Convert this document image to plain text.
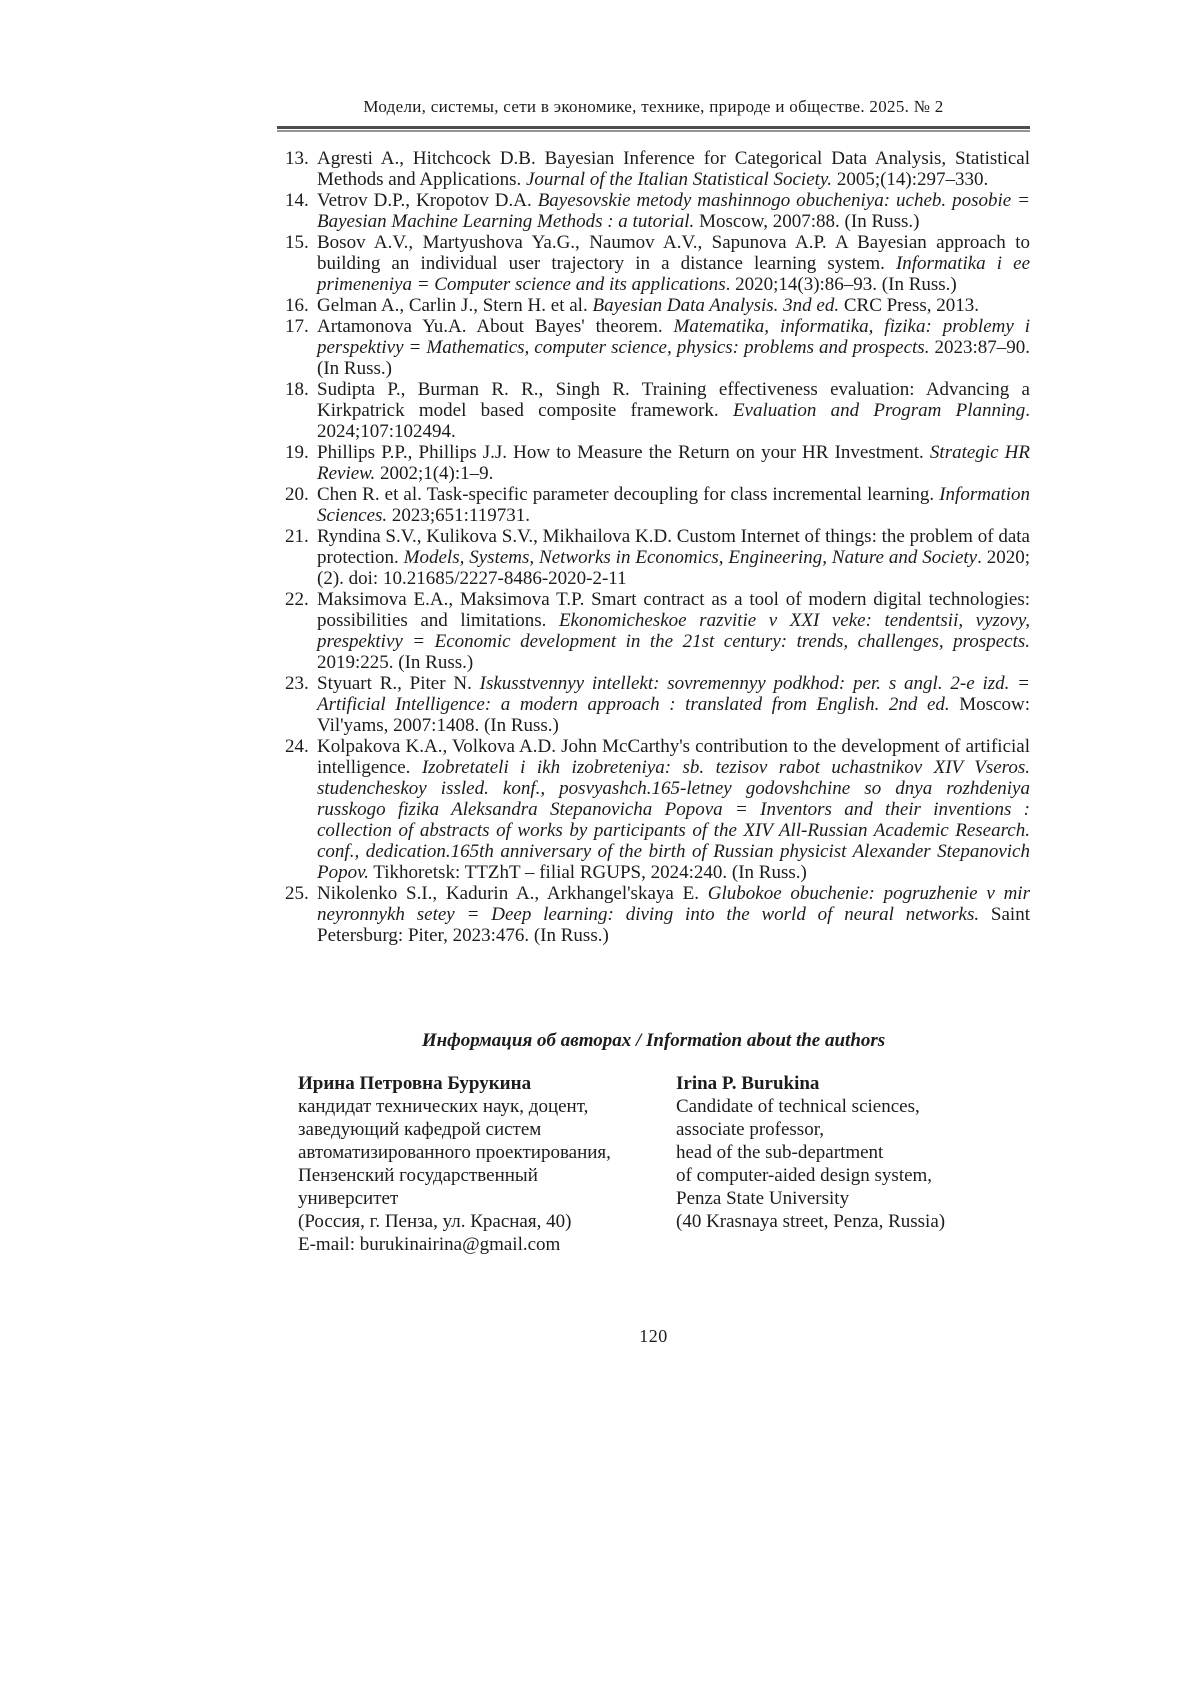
Модели, системы, сети в экономике, технике, природе и обществе. 2025. № 2
13. Agresti A., Hitchcock D.B. Bayesian Inference for Categorical Data Analysis, Statistical Methods and Applications. Journal of the Italian Statistical Society. 2005;(14):297–330.
14. Vetrov D.P., Kropotov D.A. Bayesovskie metody mashinnogo obucheniya: ucheb. posobie = Bayesian Machine Learning Methods : a tutorial. Moscow, 2007:88. (In Russ.)
15. Bosov A.V., Martyushova Ya.G., Naumov A.V., Sapunova A.P. A Bayesian approach to building an individual user trajectory in a distance learning system. Informatika i ee primeneniya = Computer science and its applications. 2020;14(3):86–93. (In Russ.)
16. Gelman A., Carlin J., Stern H. et al. Bayesian Data Analysis. 3nd ed. CRC Press, 2013.
17. Artamonova Yu.A. About Bayes' theorem. Matematika, informatika, fizika: problemy i perspektivy = Mathematics, computer science, physics: problems and prospects. 2023:87–90. (In Russ.)
18. Sudipta P., Burman R. R., Singh R. Training effectiveness evaluation: Advancing a Kirkpatrick model based composite framework. Evaluation and Program Planning. 2024;107:102494.
19. Phillips P.P., Phillips J.J. How to Measure the Return on your HR Investment. Strategic HR Review. 2002;1(4):1–9.
20. Chen R. et al. Task-specific parameter decoupling for class incremental learning. Information Sciences. 2023;651:119731.
21. Ryndina S.V., Kulikova S.V., Mikhailova K.D. Custom Internet of things: the problem of data protection. Models, Systems, Networks in Economics, Engineering, Nature and Society. 2020;(2). doi: 10.21685/2227-8486-2020-2-11
22. Maksimova E.A., Maksimova T.P. Smart contract as a tool of modern digital technologies: possibilities and limitations. Ekonomicheskoe razvitie v XXI veke: tendentsii, vyzovy, prespektivy = Economic development in the 21st century: trends, challenges, prospects. 2019:225. (In Russ.)
23. Styuart R., Piter N. Iskusstvennyy intellekt: sovremennyy podkhod: per. s angl. 2-e izd. = Artificial Intelligence: a modern approach : translated from English. 2nd ed. Moscow: Vil'yams, 2007:1408. (In Russ.)
24. Kolpakova K.A., Volkova A.D. John McCarthy's contribution to the development of artificial intelligence. Izobretateli i ikh izobreteniya: sb. tezisov rabot uchastnikov XIV Vseros. studencheskoy issled. konf., posvyashch.165-letney godovshchine so dnya rozhdeniya russkogo fizika Aleksandra Stepanovicha Popova = Inventors and their inventions : collection of abstracts of works by participants of the XIV All-Russian Academic Research. conf., dedication.165th anniversary of the birth of Russian physicist Alexander Stepanovich Popov. Tikhoretsk: TTZhT – filial RGUPS, 2024:240. (In Russ.)
25. Nikolenko S.I., Kadurin A., Arkhangel'skaya E. Glubokoe obuchenie: pogruzhenie v mir neyronnykh setey = Deep learning: diving into the world of neural networks. Saint Petersburg: Piter, 2023:476. (In Russ.)
Информация об авторах / Information about the authors
Ирина Петровна Бурукина
кандидат технических наук, доцент,
заведующий кафедрой систем
автоматизированного проектирования,
Пензенский государственный
университет
(Россия, г. Пенза, ул. Красная, 40)
E-mail: burukinairina@gmail.com
Irina P. Burukina
Candidate of technical sciences,
associate professor,
head of the sub-department
of computer-aided design system,
Penza State University
(40 Krasnaya street, Penza, Russia)
120
